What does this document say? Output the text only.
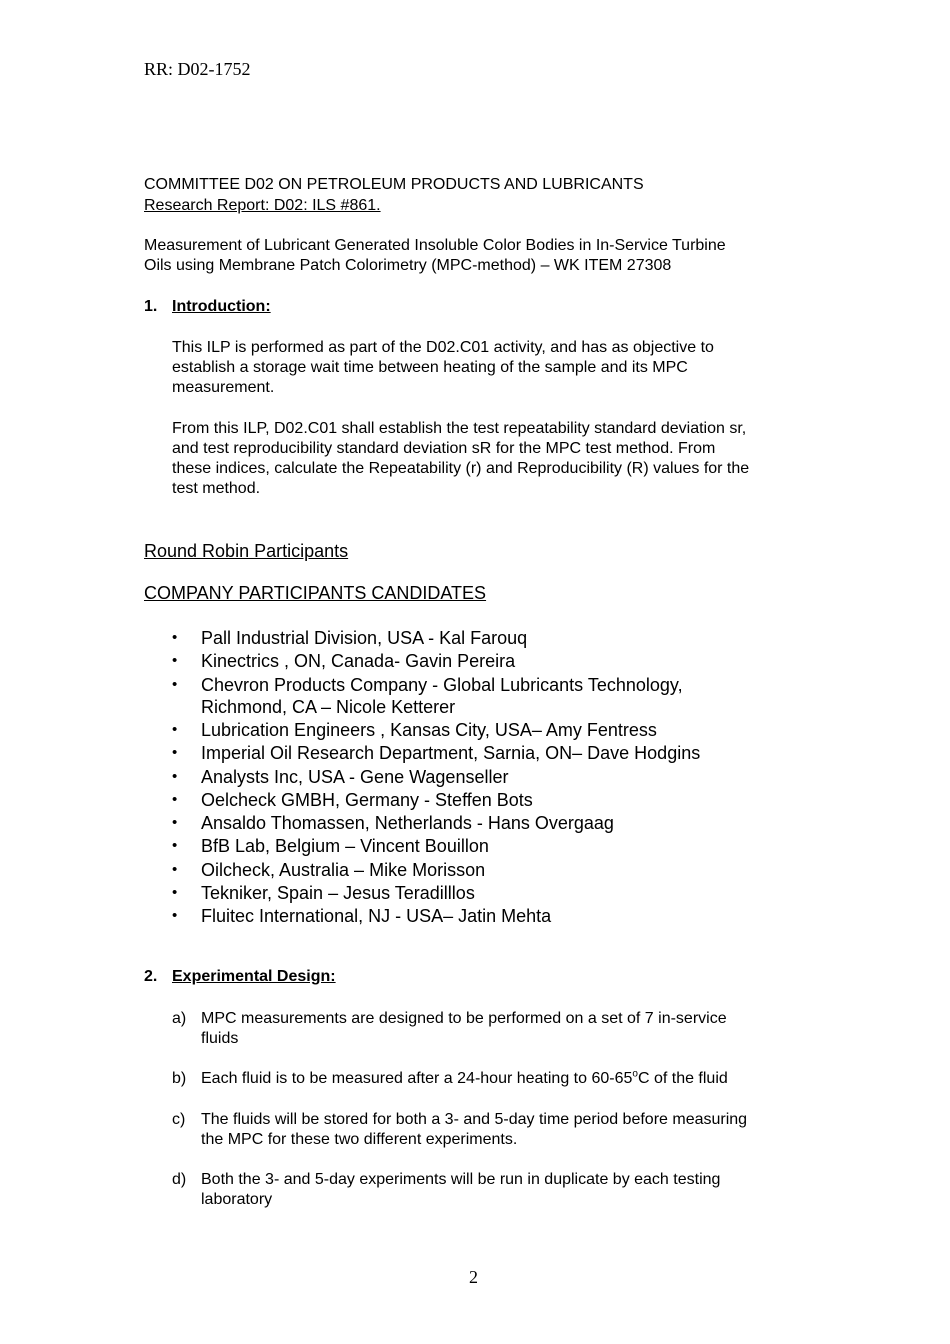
RR: D02-1752
COMMITTEE D02 ON PETROLEUM PRODUCTS AND LUBRICANTS
Research Report: D02: ILS #861.
Measurement of Lubricant Generated Insoluble Color Bodies in In-Service Turbine
Oils using Membrane Patch Colorimetry (MPC-method) – WK ITEM 27308
1. Introduction:
This ILP is performed as part of the D02.C01 activity, and has as objective to
establish a storage wait time between heating of the sample and its MPC
measurement.
From this ILP, D02.C01 shall establish the test repeatability standard deviation sr,
and test reproducibility standard deviation sR for the MPC test method. From
these indices, calculate the Repeatability (r) and Reproducibility (R) values for the
test method.
Round Robin Participants
COMPANY PARTICIPANTS CANDIDATES
• Pall Industrial Division, USA - Kal Farouq
• Kinectrics , ON, Canada- Gavin Pereira
• Chevron Products Company - Global Lubricants Technology,
Richmond, CA – Nicole Ketterer
• Lubrication Engineers , Kansas City, USA– Amy Fentress
• Imperial Oil Research Department, Sarnia, ON– Dave Hodgins
• Analysts Inc, USA - Gene Wagenseller
• Oelcheck GMBH, Germany - Steffen Bots
• Ansaldo Thomassen, Netherlands - Hans Overgaag
• BfB Lab, Belgium – Vincent Bouillon
• Oilcheck, Australia – Mike Morisson
• Tekniker, Spain – Jesus Teradilllos
• Fluitec International, NJ - USA– Jatin Mehta
2. Experimental Design:
a) MPC measurements are designed to be performed on a set of 7 in-service
fluids
b) Each fluid is to be measured after a 24-hour heating to 60-65$^o$C of the fluid
c) The fluids will be stored for both a 3- and 5-day time period before measuring
the MPC for these two different experiments.
d) Both the 3- and 5-day experiments will be run in duplicate by each testing
laboratory
2
